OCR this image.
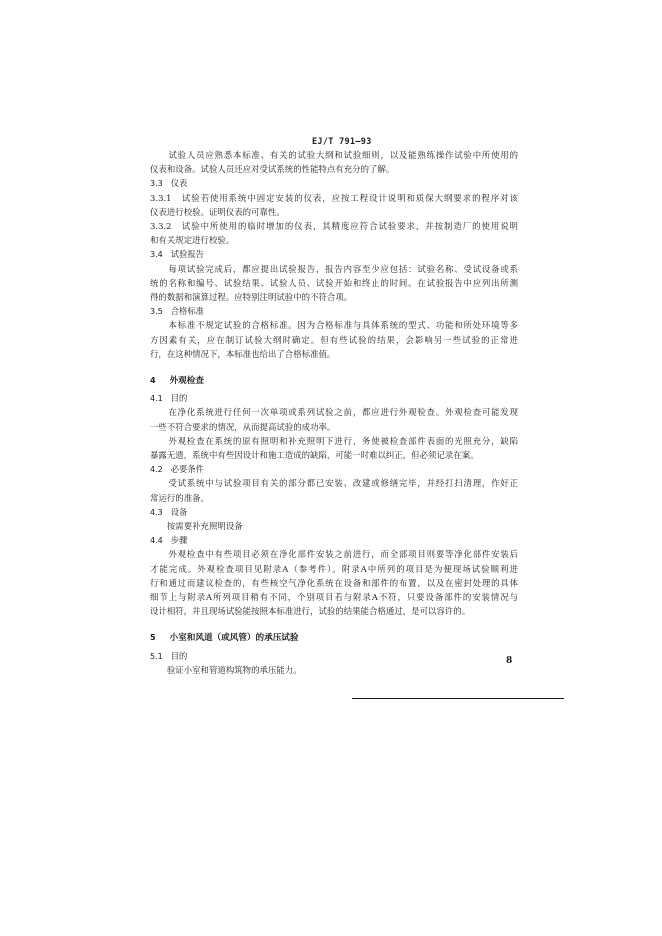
EJ/T 791—93
　　试验人员应熟悉本标准、有关的试验大纲和试验细则，以及能熟练操作试验中所使用的
仪表和设备。试验人员还应对受试系统的性能特点有充分的了解。
3.3 仪表
3.3.1　试验若使用系统中固定安装的仪表，应按工程设计说明和质保大纲要求的程序对该
仪表进行校验。证明仪表的可靠性。
3.3.2　试验中所使用的临时增加的仪表，其精度应符合试验要求，并按制造厂的使用说明
和有关规定进行校验。
3.4 试验报告
　　每项试验完成后，都应提出试验报告，报告内容至少应包括：试验名称、受试设备或系
统的名称和编号、试验结果、试验人员、试验开始和终止的时间。在试验报告中应列出所测
得的数据和演算过程。应特别注明试验中的不符合项。
3.5 合格标准
　　本标准不规定试验的合格标准。因为合格标准与具体系统的型式、功能和所处环境等多
方因素有关，应在制订试验大纲时确定。但有些试验的结果，会影响另一些试验的正常进
行，在这种情况下，本标准也给出了合格标准值。
4 外观检查
4.1 目的
　　在净化系统进行任何一次单项或系列试验之前，都应进行外观检查。外观检查可能发现
一些不符合要求的情况，从而提高试验的成功率。
　　外观检查在系统的原有照明和补充照明下进行，务使被检查部件表面的光照充分，缺陷
暴露无遗，系统中有些因设计和施工造成的缺陷，可能一时难以纠正，但必须记录在案。
4.2 必要条件
　　受试系统中与试验项目有关的部分都已安装、改建或修缮完毕，并经打扫清理，作好正
常运行的准备。
4.3 设备
　　按需要补充照明设备
4.4 步骤
　　外观检查中有些项目必须在净化部件安装之前进行，而全部项目则要等净化部件安装后
才能完成。外观检查项目见附录A（参考件）。附录A中所列的项目是为便现场试验顺利进
行和通过而建议检查的，有些核空气净化系统在设备和部件的布置，以及在密封处理的具体
细节上与附录A所列项目稍有不同，个别项目若与附录A不符，只要设备部件的安装情况与
设计相符，并且现场试验能按照本标准进行，试验的结果能合格通过，是可以容许的。
5 小室和风道（或风管）的承压试验
5.1 目的
　　验证小室和管道构筑物的承压能力。
8
